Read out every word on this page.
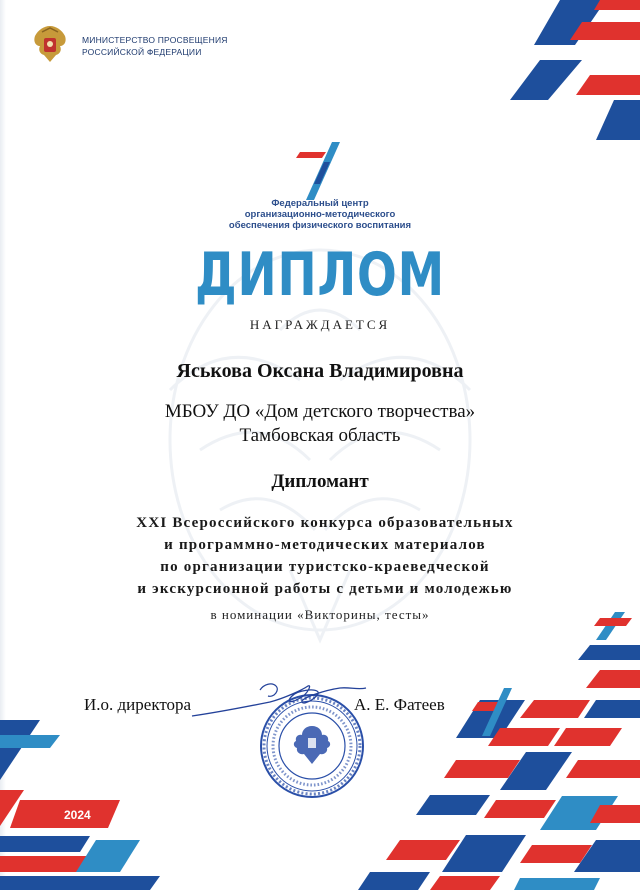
МИНИСТЕРСТВО ПРОСВЕЩЕНИЯ
РОССИЙСКОЙ ФЕДЕРАЦИИ
Федеральный центр
организационно-методического
обеспечения физического воспитания
ДИПЛОМ
НАГРАЖДАЕТСЯ
Яськова Оксана Владимировна
МБОУ ДО «Дом детского творчества»
Тамбовская область
Дипломант
XXI Всероссийского конкурса образовательных
и программно-методических материалов
по организации туристско-краеведческой
и экскурсионной работы с детьми и молодежью
в номинации «Викторины, тесты»
И.о. директора	А. Е. Фатеев
2024
